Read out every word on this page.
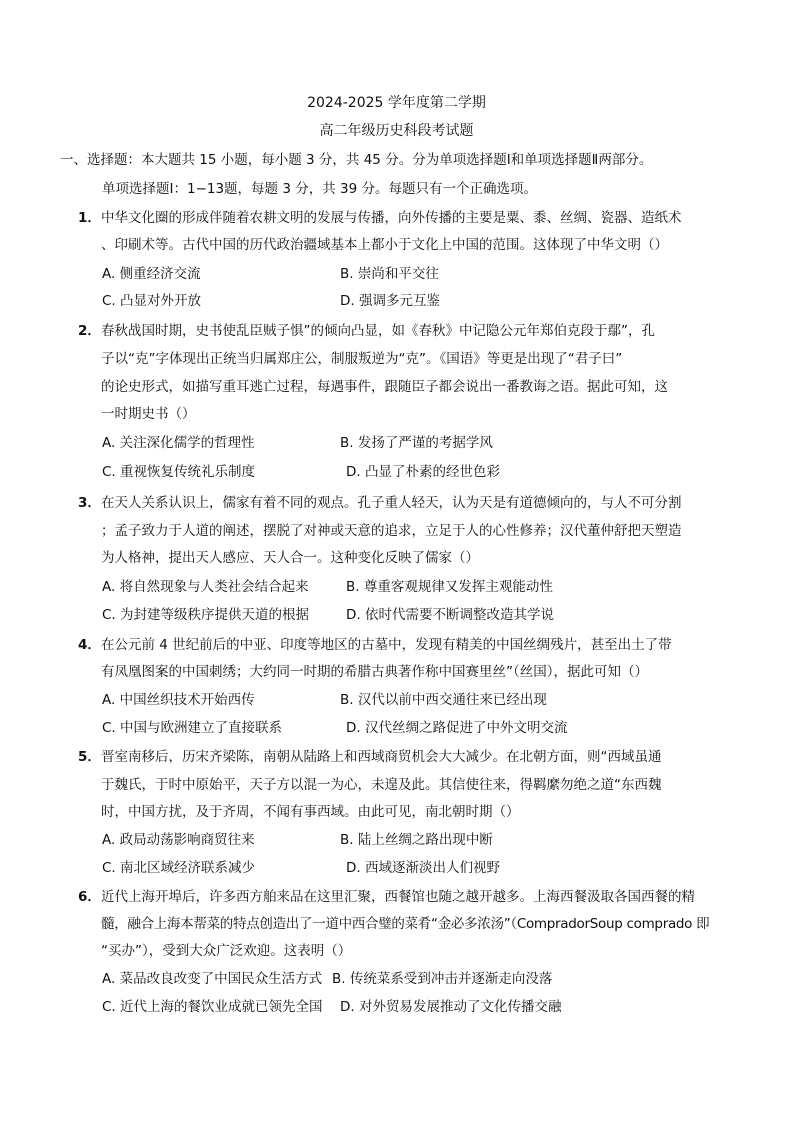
2024-2025 学年度第二学期
高二年级历史科段考试题
一、选择题：本大题共 15 小题，每小题 3 分，共 45 分。分为单项选择题Ⅰ和单项选择题Ⅱ两部分。
单项选择题Ⅰ：1−13题，每题 3 分，共 39 分。每题只有一个正确选项。
1． 中华文化圈的形成伴随着农耕文明的发展与传播，向外传播的主要是粟、黍、丝绸、瓷器、造纸术
、印刷术等。古代中国的历代政治疆域基本上都小于文化上中国的范围。这体现了中华文明（）
A. 侧重经济交流	B. 崇尚和平交往
C. 凸显对外开放	D. 强调多元互鉴
2． 春秋战国时期，史书使乱臣贼子惧”的倾向凸显，如《春秋》中记隐公元年郑伯克段于鄢”，孔
子以“克”字体现出正统当归属郑庄公，制服叛逆为“克”。《国语》等更是出现了“君子曰”
的论史形式，如描写重耳逃亡过程，每遇事件，跟随臣子都会说出一番教诲之语。据此可知，这
一时期史书（）
A. 关注深化儒学的哲理性	B. 发扬了严谨的考据学风
C. 重视恢复传统礼乐制度	D. 凸显了朴素的经世色彩
3． 在天人关系认识上，儒家有着不同的观点。孔子重人轻天，认为天是有道德倾向的，与人不可分割
；孟子致力于人道的阐述，摆脱了对神或天意的追求，立足于人的心性修养；汉代董仲舒把天塑造
为人格神，提出天人感应、天人合一。这种变化反映了儒家（）
A. 将自然现象与人类社会结合起来	B. 尊重客观规律又发挥主观能动性
C. 为封建等级秩序提供天道的根据	D. 依时代需要不断调整改造其学说
4． 在公元前 4 世纪前后的中亚、印度等地区的古墓中，发现有精美的中国丝绸残片，甚至出土了带
有凤凰图案的中国刺绣；大约同一时期的希腊古典著作称中国赛里丝”（丝国），据此可知（）
A. 中国丝织技术开始西传	B. 汉代以前中西交通往来已经出现
C. 中国与欧洲建立了直接联系	D. 汉代丝绸之路促进了中外文明交流
5． 晋室南移后，历宋齐梁陈，南朝从陆路上和西域商贸机会大大减少。在北朝方面，则“西域虽通
于魏氏，于时中原始平，天子方以混一为心，未遑及此。其信使往来，得羁縻勿绝之道“东西魏
时，中国方扰，及于齐周，不闻有事西域。由此可见，南北朝时期（）
A. 政局动荡影响商贸往来	B. 陆上丝绸之路出现中断
C. 南北区域经济联系减少	D. 西域逐渐淡出人们视野
6． 近代上海开埠后，许多西方舶来品在这里汇聚，西餐馆也随之越开越多。上海西餐汲取各国西餐的精
髓，融合上海本帮菜的特点创造出了一道中西合璧的菜肴“金必多浓汤”（CompradorSoup comprado 即
“买办”），受到大众广泛欢迎。这表明（）
A. 菜品改良改变了中国民众生活方式 B. 传统菜系受到冲击并逐渐走向没落
C. 近代上海的餐饮业成就已领先全国 D. 对外贸易发展推动了文化传播交融
